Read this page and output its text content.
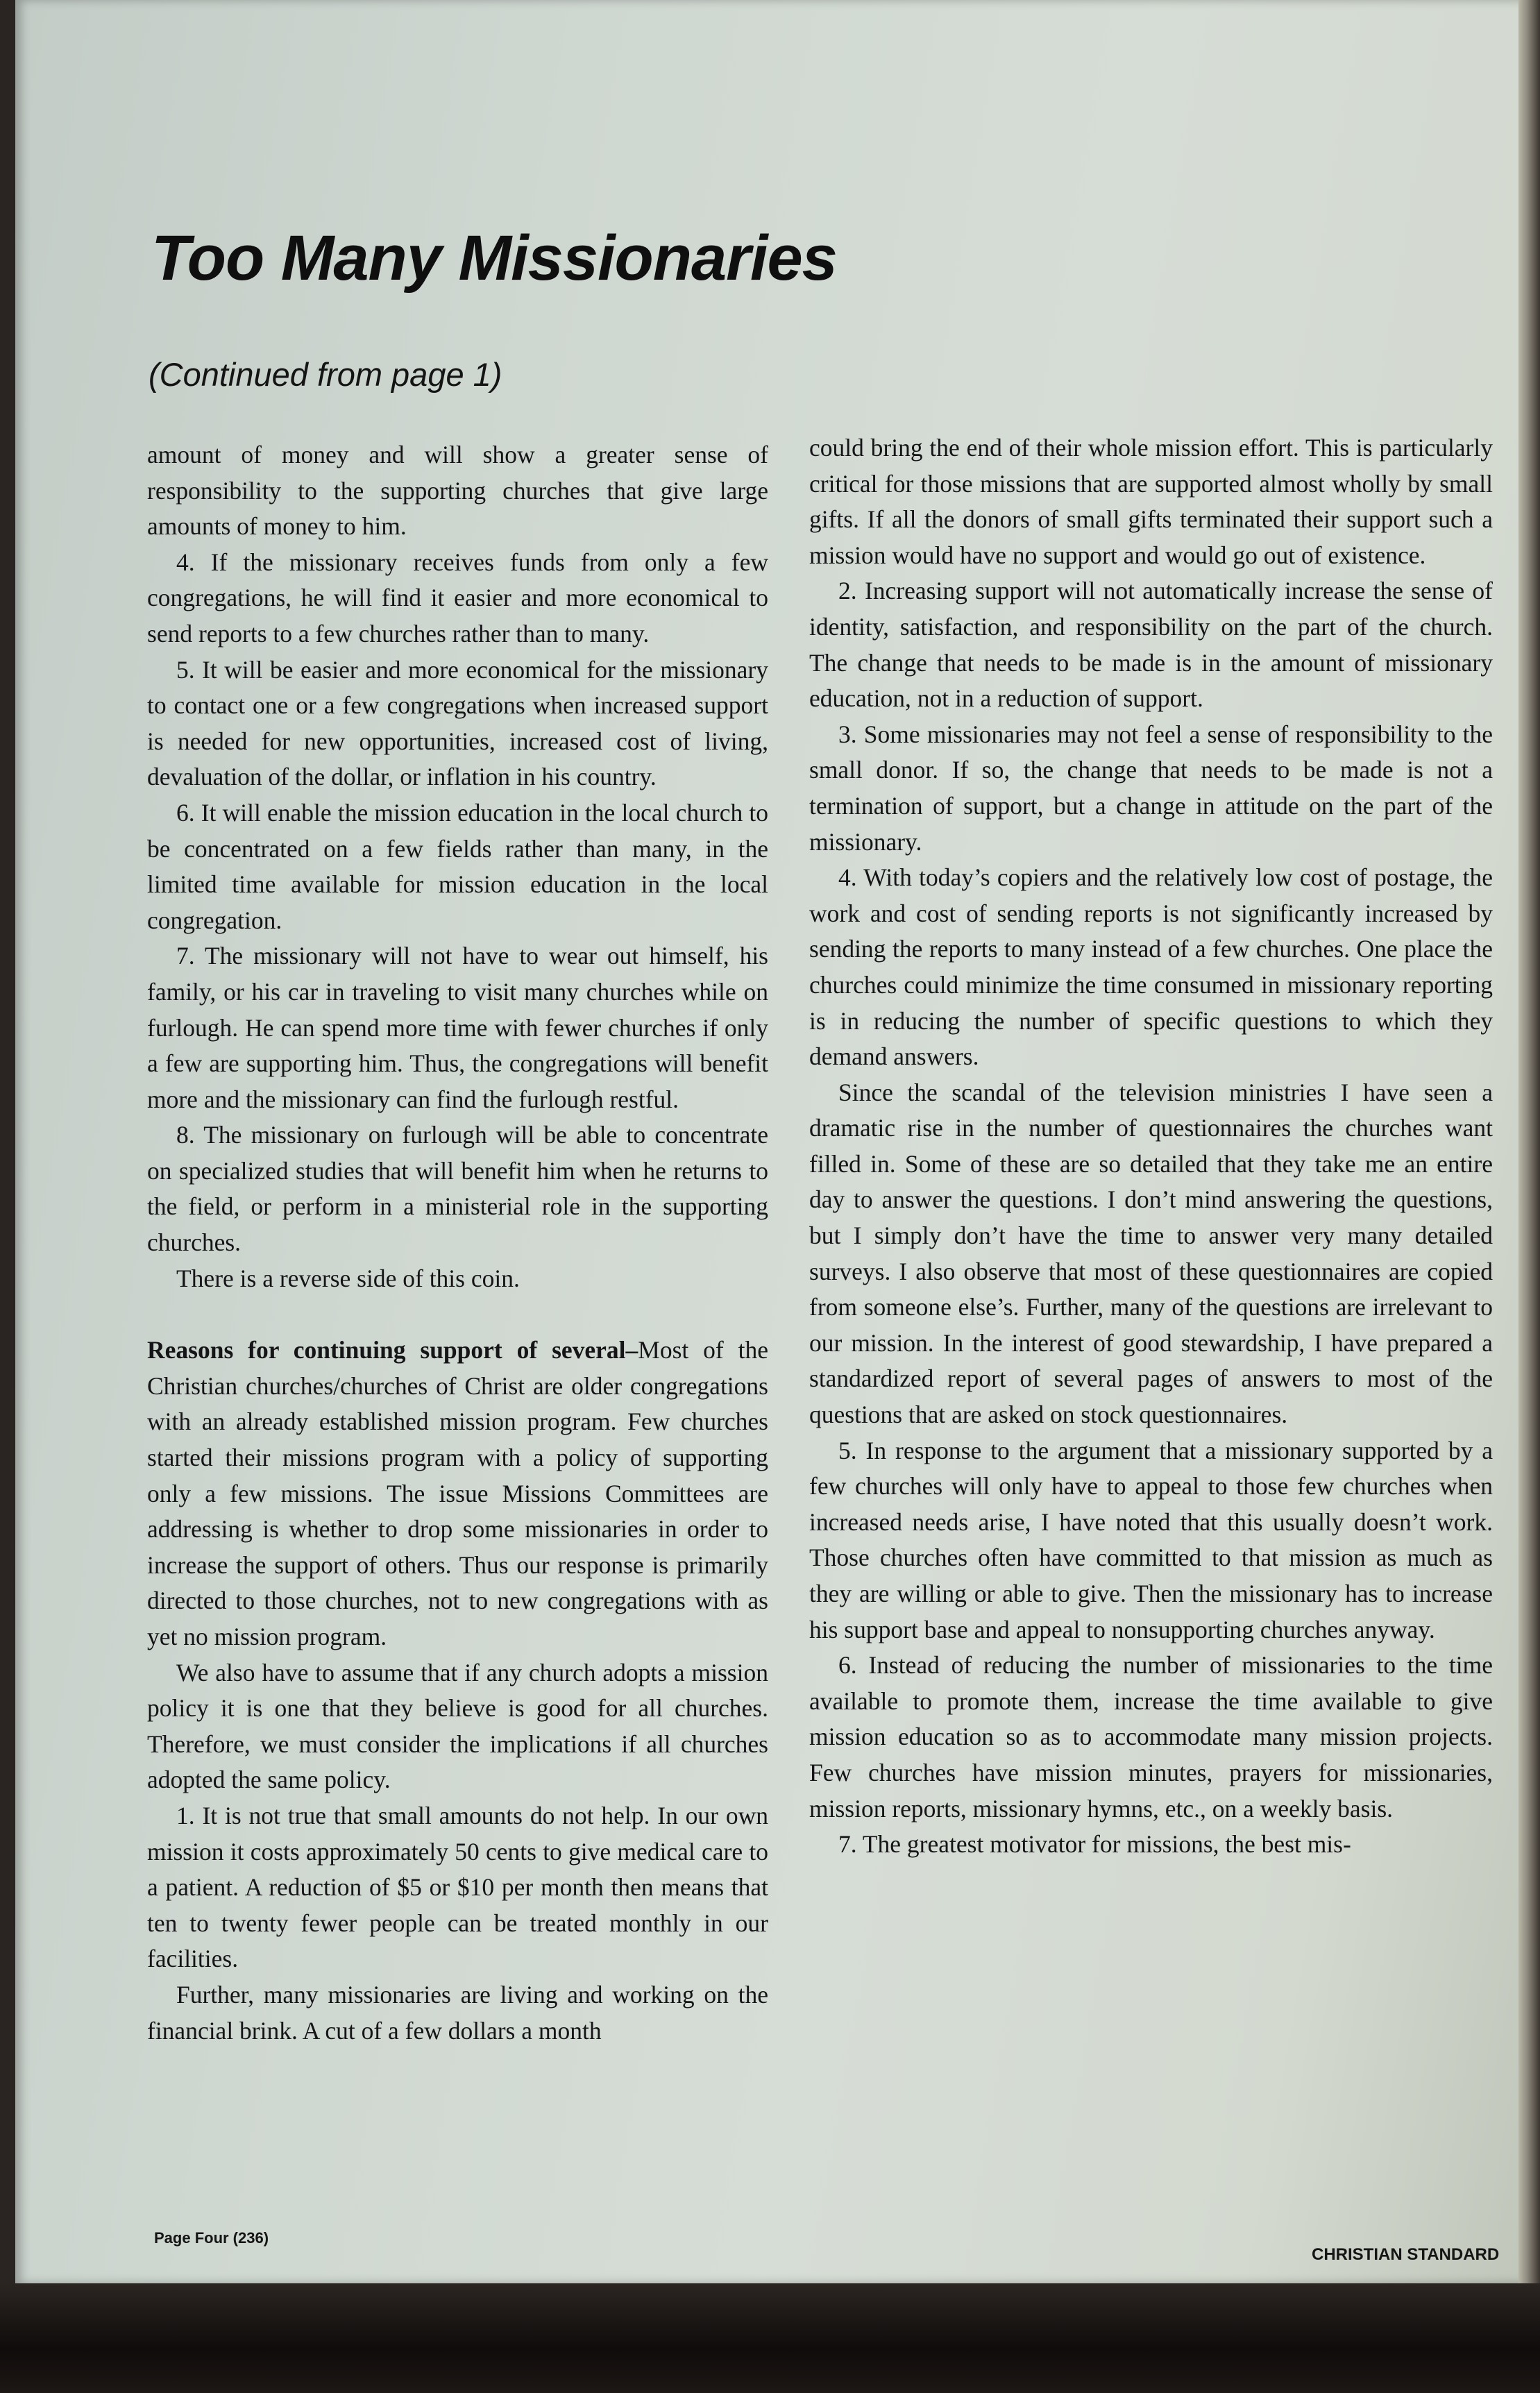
Too Many Missionaries
(Continued from page 1)

amount of money and will show a greater sense of responsibility to the supporting churches that give large amounts of money to him.

4. If the missionary receives funds from only a few congregations, he will find it easier and more economical to send reports to a few churches rather than to many.

5. It will be easier and more economical for the missionary to contact one or a few congregations when increased support is needed for new opportunities, increased cost of living, devaluation of the dollar, or inflation in his country.

6. It will enable the mission education in the local church to be concentrated on a few fields rather than many, in the limited time available for mission education in the local congregation.

7. The missionary will not have to wear out himself, his family, or his car in traveling to visit many churches while on furlough. He can spend more time with fewer churches if only a few are supporting him. Thus, the congregations will benefit more and the missionary can find the furlough restful.

8. The missionary on furlough will be able to concentrate on specialized studies that will benefit him when he returns to the field, or perform in a ministerial role in the supporting churches.

There is a reverse side of this coin.

Reasons for continuing support of several–Most of the Christian churches/churches of Christ are older congregations with an already established mission program. Few churches started their missions program with a policy of supporting only a few missions. The issue Missions Committees are addressing is whether to drop some missionaries in order to increase the support of others. Thus our response is primarily directed to those churches, not to new congregations with as yet no mission program.

We also have to assume that if any church adopts a mission policy it is one that they believe is good for all churches. Therefore, we must consider the implications if all churches adopted the same policy.

1. It is not true that small amounts do not help. In our own mission it costs approximately 50 cents to give medical care to a patient. A reduction of $5 or $10 per month then means that ten to twenty fewer people can be treated monthly in our facilities.

Further, many missionaries are living and working on the financial brink. A cut of a few dollars a month

could bring the end of their whole mission effort. This is particularly critical for those missions that are supported almost wholly by small gifts. If all the donors of small gifts terminated their support such a mission would have no support and would go out of existence.

2. Increasing support will not automatically increase the sense of identity, satisfaction, and responsibility on the part of the church. The change that needs to be made is in the amount of missionary education, not in a reduction of support.

3. Some missionaries may not feel a sense of responsibility to the small donor. If so, the change that needs to be made is not a termination of support, but a change in attitude on the part of the missionary.

4. With today’s copiers and the relatively low cost of postage, the work and cost of sending reports is not significantly increased by sending the reports to many instead of a few churches. One place the churches could minimize the time consumed in missionary reporting is in reducing the number of specific questions to which they demand answers.

Since the scandal of the television ministries I have seen a dramatic rise in the number of questionnaires the churches want filled in. Some of these are so detailed that they take me an entire day to answer the questions. I don’t mind answering the questions, but I simply don’t have the time to answer very many detailed surveys. I also observe that most of these questionnaires are copied from someone else’s. Further, many of the questions are irrelevant to our mission. In the interest of good stewardship, I have prepared a standardized report of several pages of answers to most of the questions that are asked on stock questionnaires.

5. In response to the argument that a missionary supported by a few churches will only have to appeal to those few churches when increased needs arise, I have noted that this usually doesn’t work. Those churches often have committed to that mission as much as they are willing or able to give. Then the missionary has to increase his support base and appeal to nonsupporting churches anyway.

6. Instead of reducing the number of missionaries to the time available to promote them, increase the time available to give mission education so as to accommodate many mission projects. Few churches have mission minutes, prayers for missionaries, mission reports, missionary hymns, etc., on a weekly basis.

7. The greatest motivator for missions, the best mis-

Page Four (236)
CHRISTIAN STANDARD
